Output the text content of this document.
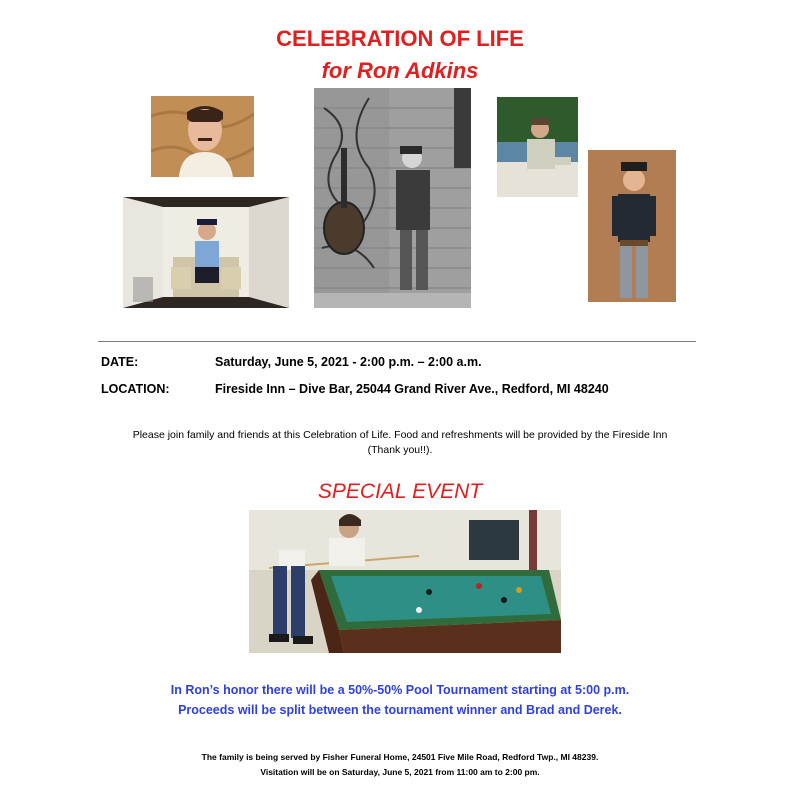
CELEBRATION OF LIFE
for Ron Adkins
DATE:	Saturday, June 5, 2021 - 2:00 p.m. – 2:00 a.m.
LOCATION:	Fireside Inn – Dive Bar, 25044 Grand River Ave., Redford, MI 48240
Please join family and friends at this Celebration of Life. Food and refreshments will be provided by the Fireside Inn
(Thank you!!).
SPECIAL EVENT
In Ron’s honor there will be a 50%-50% Pool Tournament starting at 5:00 p.m.
Proceeds will be split between the tournament winner and Brad and Derek.
The family is being served by Fisher Funeral Home, 24501 Five Mile Road, Redford Twp., MI 48239.
Visitation will be on Saturday, June 5, 2021 from 11:00 am to 2:00 pm.
